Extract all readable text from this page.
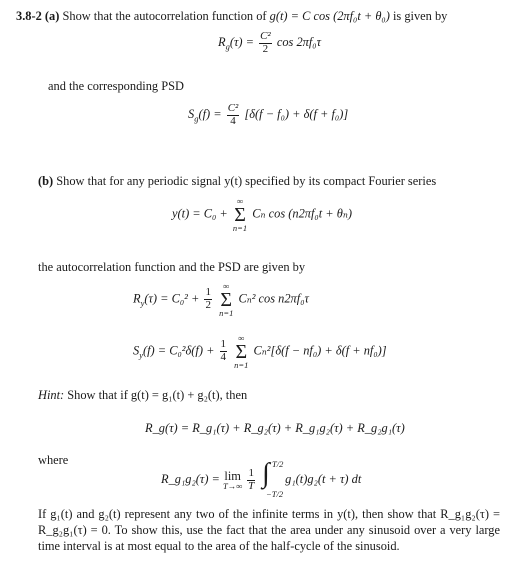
3.8-2 (a) Show that the autocorrelation function of g(t) = C cos (2πf₀t + θ₀) is given by
$R_g(\tau) = \frac{\text{C²}}{2}$ cos 2πf₀τ
and the corresponding PSD
$S_g(f) = \frac{\text{C²}}{4} [\delta(f - f_0) + \delta(f + f_0)]$
(b) Show that for any periodic signal y(t) specified by its compact Fourier series
y(t) = C₀ +
∞
Σ
n=1
Cₙ cos (n2πf₀t + θₙ)
the autocorrelation function and the PSD are given by
$R_y(\tau) = C_0^2 + \frac{1}{2}$

∞
Σ
n=1
Cₙ² cos n2πf₀τ
$S_y(f) = C_0^2\delta(f) + \frac{1}{4}$

∞
Σ
n=1
Cₙ²[δ(f − nf₀) + δ(f + nf₀)]
Hint: Show that if g(t) = g₁(t) + g₂(t), then
R_g(τ) = R_g₁(τ) + R_g₂(τ) + R_g₁g₂(τ) + R_g₂g₁(τ)
where
R_g₁g₂(τ) = lim
T→∞
$\frac{1}{T}$
∫ T/2
−T/2
g₁(t)g₂(t + τ) dt
If g₁(t) and g₂(t) represent any two of the infinite terms in y(t), then show that R_g₁g₂(τ) = R_g₂g₁(τ) = 0. To show this, use the fact that the area under any sinusoid over a very large time interval is at most equal to the area of the half-cycle of the sinusoid.
